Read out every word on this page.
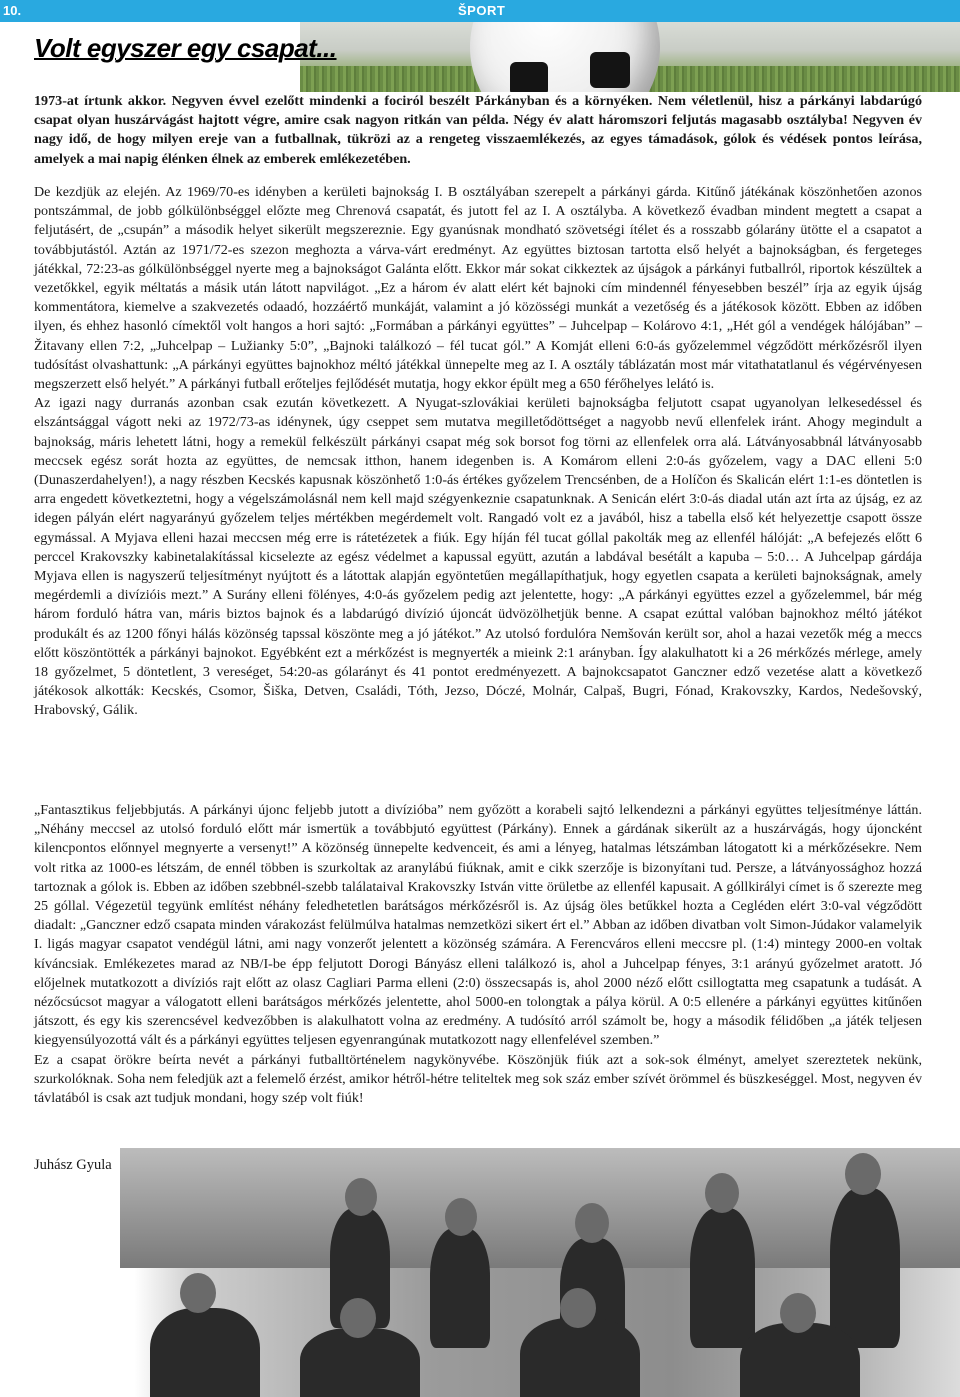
10.	ŠPORT
Volt egyszer egy csapat...

1973-at írtunk akkor. Negyven évvel ezelőtt mindenki a fociról beszélt Párkányban és a környéken. Nem véletlenül, hisz a párkányi labdarúgó csapat olyan huszárvágást hajtott végre, amire csak nagyon ritkán van példa. Négy év alatt háromszori feljutás magasabb osztályba! Negyven év nagy idő, de hogy milyen ereje van a futballnak, tükrözi az a rengeteg visszaemlékezés, az egyes támadások, gólok és védések pontos leírása, amelyek a mai napig élénken élnek az emberek emlékezetében.

De kezdjük az elején. Az 1969/70-es idényben a kerületi bajnokság I. B osztályában szerepelt a párkányi gárda. Kitűnő játékának köszönhetően azonos pontszámmal, de jobb gólkülönbséggel előzte meg Chrenová csapatát, és jutott fel az I. A osztályba. A következő évadban mindent megtett a csapat a feljutásért, de „csupán” a második helyet sikerült megszereznie. Egy gyanúsnak mondható szövetségi ítélet és a rosszabb gólarány ütötte el a csapatot a továbbjutástól. Aztán az 1971/72-es szezon meghozta a várva-várt eredményt. Az együttes biztosan tartotta első helyét a bajnokságban, és fergeteges játékkal, 72:23-as gólkülönbséggel nyerte meg a bajnokságot Galánta előtt. Ekkor már sokat cikkeztek az újságok a párkányi futballról, riportok készültek a vezetőkkel, egyik méltatás a másik után látott napvilágot. „Ez a három év alatt elért két bajnoki cím mindennél fényesebben beszél” írja az egyik újság kommentátora, kiemelve a szakvezetés odaadó, hozzáértő munkáját, valamint a jó közösségi munkát a vezetőség és a játékosok között. Ebben az időben ilyen, és ehhez hasonló címektől volt hangos a hori sajtó: „Formában a párkányi együttes” – Juhcelpap – Kolárovo 4:1, „Hét gól a vendégek hálójában” – Žitavany ellen 7:2, „Juhcelpap – Lužianky 5:0”, „Bajnoki találkozó – fél tucat gól.” A Komját elleni 6:0-ás győzelemmel végződött mérkőzésről ilyen tudósítást olvashattunk: „A párkányi együttes bajnokhoz méltó játékkal ünnepelte meg az I. A osztály táblázatán most már vitathatatlanul és végérvényesen megszerzett első helyét.” A párkányi futball erőteljes fejlődését mutatja, hogy ekkor épült meg a 650 férőhelyes lelátó is.

Az igazi nagy durranás azonban csak ezután következett. A Nyugat-szlovákiai kerületi bajnokságba feljutott csapat ugyanolyan lelkesedéssel és elszántsággal vágott neki az 1972/73-as idénynek, úgy cseppet sem mutatva megilletődöttséget a nagyobb nevű ellenfelek iránt. Ahogy megindult a bajnokság, máris lehetett látni, hogy a remekül felkészült párkányi csapat még sok borsot fog törni az ellenfelek orra alá. Látványosabbnál látványosabb meccsek egész sorát hozta az együttes, de nemcsak itthon, hanem idegenben is. A Komárom elleni 2:0-ás győzelem, vagy a DAC elleni 5:0 (Dunaszerdahelyen!), a nagy részben Kecskés kapusnak köszönhető 1:0-ás értékes győzelem Trencsénben, de a Holíčon és Skalicán elért 1:1-es döntetlen is arra engedett következtetni, hogy a végelszámolásnál nem kell majd szégyenkeznie csapatunknak. A Senicán elért 3:0-ás diadal után azt írta az újság, ez az idegen pályán elért nagyarányú győzelem teljes mértékben megérdemelt volt. Rangadó volt ez a javából, hisz a tabella első két helyezettje csapott össze egymással. A Myjava elleni hazai meccsen még erre is rátetézetek a fiúk. Egy híján fél tucat góllal pakolták meg az ellenfél hálóját: „A befejezés előtt 6 perccel Krakovszky kabinetalakítással kicselezte az egész védelmet a kapussal együtt, azután a labdával besétált a kapuba – 5:0… A Juhcelpap gárdája Myjava ellen is nagyszerű teljesítményt nyújtott és a látottak alapján egyöntetűen megállapíthatjuk, hogy egyetlen csapata a kerületi bajnokságnak, amely megérdemli a divízióis mezt.” A Surány elleni fölényes, 4:0-ás győzelem pedig azt jelentette, hogy: „A párkányi együttes ezzel a győzelemmel, bár még három forduló hátra van, máris biztos bajnok és a labdarúgó divízió újoncát üdvözölhetjük benne. A csapat ezúttal valóban bajnokhoz méltó játékot produkált és az 1200 főnyi hálás közönség tapssal köszönte meg a jó játékot.” Az utolsó fordulóra Nemšován került sor, ahol a hazai vezetők még a meccs előtt köszöntötték a párkányi bajnokot. Egyébként ezt a mérkőzést is megnyerték a mieink 2:1 arányban. Így alakulhatott ki a 26 mérkőzés mérlege, amely 18 győzelmet, 5 döntetlent, 3 vereséget, 54:20-as gólarányt és 41 pontot eredményezett. A bajnokcsapatot Ganczner edző vezetése alatt a következő játékosok alkották: Kecskés, Csomor, Šiška, Detven, Családi, Tóth, Jezso, Dóczé, Molnár, Calpaš, Bugri, Fónad, Krakovszky, Kardos, Nedešovský, Hrabovský, Gálik.

„Fantasztikus feljebbjutás. A párkányi újonc feljebb jutott a divízióba” nem győzött a korabeli sajtó lelkendezni a párkányi együttes teljesítménye láttán. „Néhány meccsel az utolsó forduló előtt már ismertük a továbbjutó együttest (Párkány). Ennek a gárdának sikerült az a huszárvágás, hogy újoncként kilencpontos előnnyel megnyerte a versenyt!” A közönség ünnepelte kedvenceit, és ami a lényeg, hatalmas létszámban látogatott ki a mérkőzésekre. Nem volt ritka az 1000-es létszám, de ennél többen is szurkoltak az aranylábú fiúknak, amit e cikk szerzője is bizonyítani tud. Persze, a látványossághoz hozzá tartoznak a gólok is. Ebben az időben szebbnél-szebb találataival Krakovszky István vitte örületbe az ellenfél kapusait. A góllkirályi címet is ő szerezte meg 25 góllal. Végezetül tegyünk említést néhány feledhetetlen barátságos mérkőzésről is. Az újság öles betűkkel hozta a Cegléden elért 3:0-val végződött diadalt: „Ganczner edző csapata minden várakozást felülmúlva hatalmas nemzetközi sikert ért el.” Abban az időben divatban volt Simon-Júdakor valamelyik I. ligás magyar csapatot vendégül látni, ami nagy vonzerőt jelentett a közönség számára. A Ferencváros elleni meccsre pl. (1:4) mintegy 2000-en voltak kíváncsiak. Emlékezetes marad az NB/I-be épp feljutott Dorogi Bányász elleni találkozó is, ahol a Juhcelpap fényes, 3:1 arányú győzelmet aratott. Jó előjelnek mutatkozott a divíziós rajt előtt az olasz Cagliari Parma elleni (2:0) összecsapás is, ahol 2000 néző előtt csillogtatta meg csapatunk a tudását. A nézőcsúcsot magyar a válogatott elleni barátságos mérkőzés jelentette, ahol 5000-en tolongtak a pálya körül. A 0:5 ellenére a párkányi együttes kitűnően játszott, és egy kis szerencsével kedvezőbben is alakulhatott volna az eredmény. A tudósító arról számolt be, hogy a második félidőben „a játék teljesen kiegyensúlyozottá vált és a párkányi együttes teljesen egyenrangúnak mutatkozott nagy ellenfelével szemben.”

Ez a csapat örökre beírta nevét a párkányi futballtörténelem nagykönyvébe. Köszönjük fiúk azt a sok-sok élményt, amelyet szereztetek nekünk, szurkolóknak. Soha nem feledjük azt a felemelő érzést, amikor hétről-hétre teliteltek meg sok száz ember szívét örömmel és büszkeséggel. Most, negyven év távlatából is csak azt tudjuk mondani, hogy szép volt fiúk!

Juhász Gyula
